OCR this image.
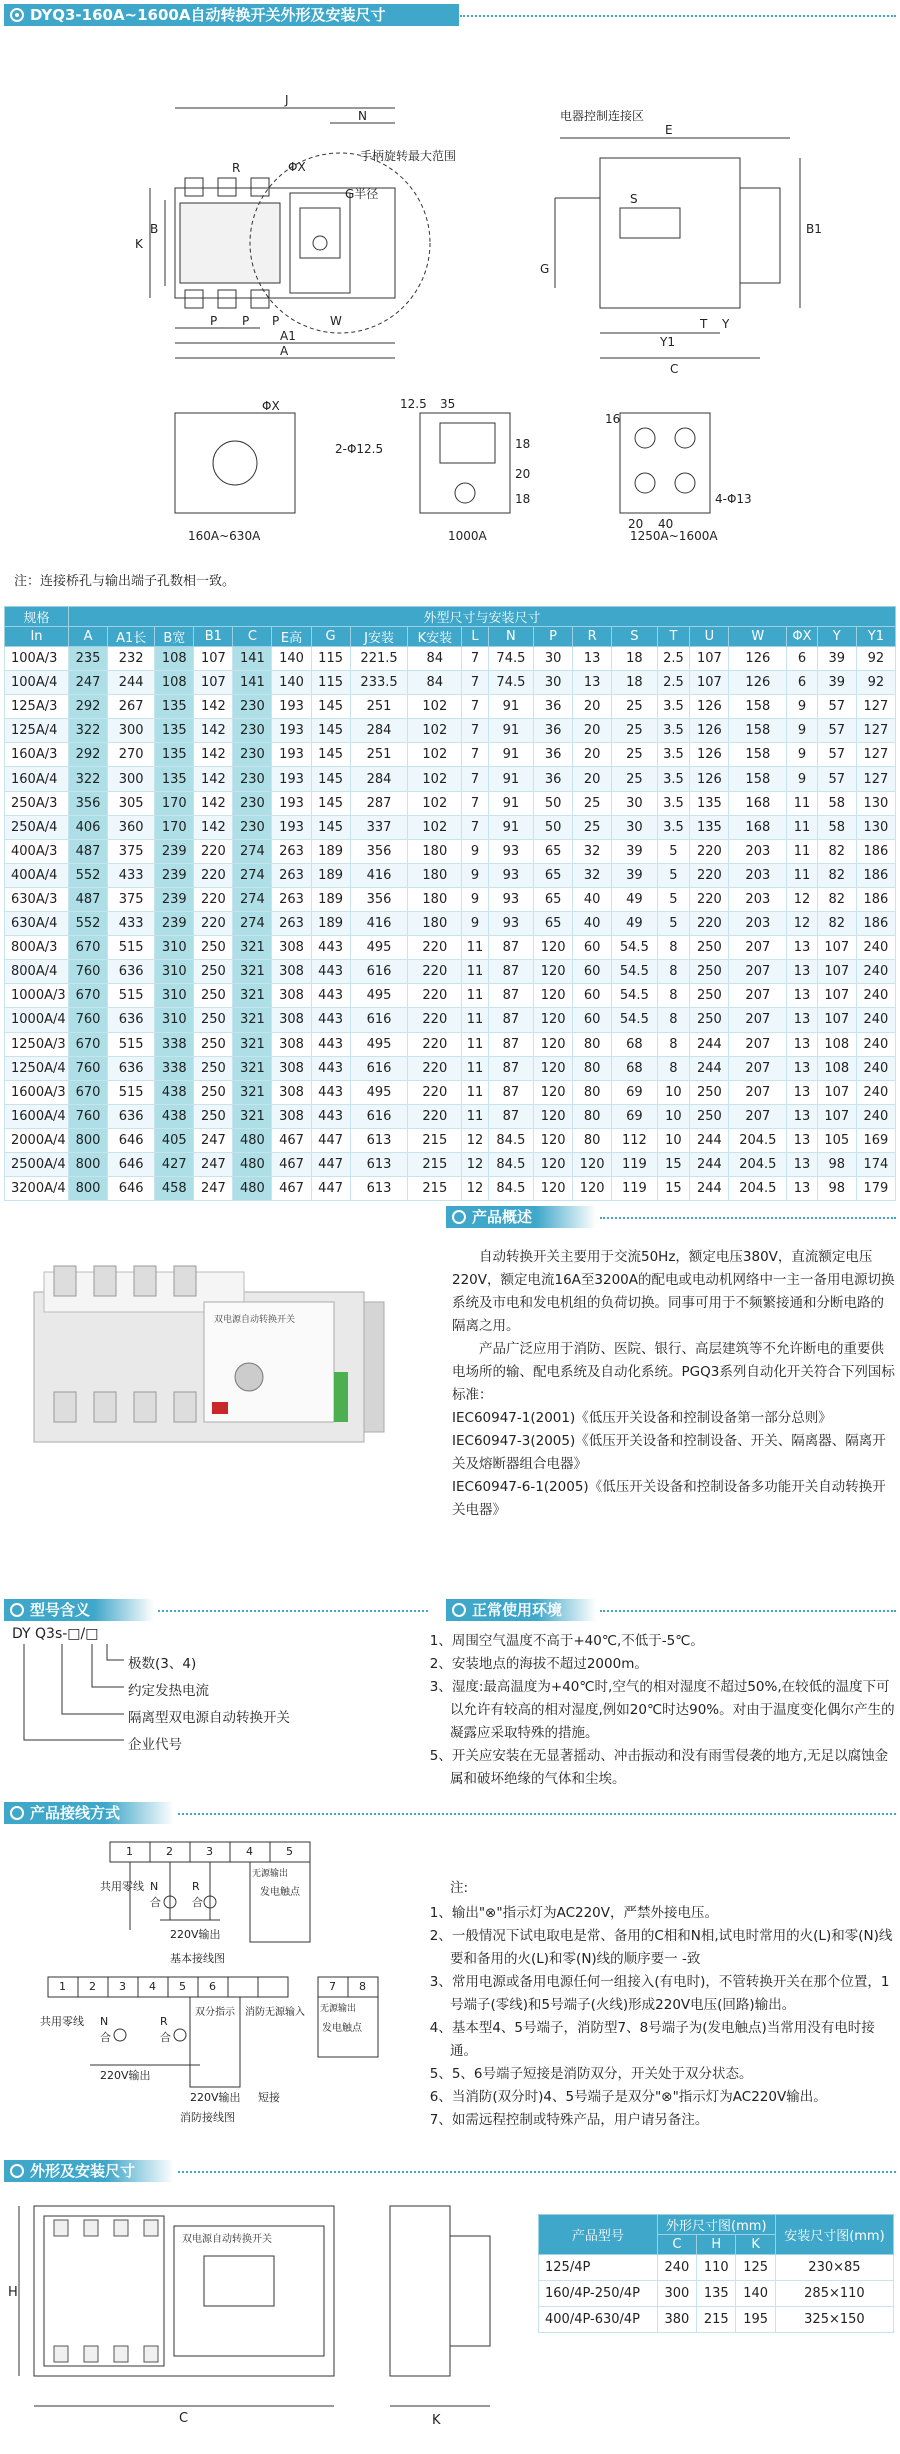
DYQ3-160A~1600A自动转换开关外形及安装尺寸
J
N
手柄旋转最大范围
R	ΦX
K
B
G半径
P P P	W
A1
A
电器控制连接区
E
S
B1
G
T Y
Y1
C
ΦX	12.5 35
18
20
18
2-Φ12.5
16
20 40
4-Φ13
160A~630A	1000A	1250A~1600A
注：连接桥孔与输出端子孔数相一致。
规格	外型尺寸与安装尺寸																			
In	A	A1长	B宽	B1	C	E高	G	J安装	K安装	L	N	P	R	S	T	U	W	ΦX	Y	Y1
100A/3	235	232	108	107	141	140	115	221.5	84	7	74.5	30	13	18	2.5	107	126	6	39	92
100A/4	247	244	108	107	141	140	115	233.5	84	7	74.5	30	13	18	2.5	107	126	6	39	92
125A/3	292	267	135	142	230	193	145	251	102	7	91	36	20	25	3.5	126	158	9	57	127
125A/4	322	300	135	142	230	193	145	284	102	7	91	36	20	25	3.5	126	158	9	57	127
160A/3	292	270	135	142	230	193	145	251	102	7	91	36	20	25	3.5	126	158	9	57	127
160A/4	322	300	135	142	230	193	145	284	102	7	91	36	20	25	3.5	126	158	9	57	127
250A/3	356	305	170	142	230	193	145	287	102	7	91	50	25	30	3.5	135	168	11	58	130
250A/4	406	360	170	142	230	193	145	337	102	7	91	50	25	30	3.5	135	168	11	58	130
400A/3	487	375	239	220	274	263	189	356	180	9	93	65	32	39	5	220	203	11	82	186
400A/4	552	433	239	220	274	263	189	416	180	9	93	65	32	39	5	220	203	11	82	186
630A/3	487	375	239	220	274	263	189	356	180	9	93	65	40	49	5	220	203	12	82	186
630A/4	552	433	239	220	274	263	189	416	180	9	93	65	40	49	5	220	203	12	82	186
800A/3	670	515	310	250	321	308	443	495	220	11	87	120	60	54.5	8	250	207	13	107	240
800A/4	760	636	310	250	321	308	443	616	220	11	87	120	60	54.5	8	250	207	13	107	240
1000A/3	670	515	310	250	321	308	443	495	220	11	87	120	60	54.5	8	250	207	13	107	240
1000A/4	760	636	310	250	321	308	443	616	220	11	87	120	60	54.5	8	250	207	13	107	240
1250A/3	670	515	338	250	321	308	443	495	220	11	87	120	80	68	8	244	207	13	108	240
1250A/4	760	636	338	250	321	308	443	616	220	11	87	120	80	68	8	244	207	13	108	240
1600A/3	670	515	438	250	321	308	443	495	220	11	87	120	80	69	10	250	207	13	107	240
1600A/4	760	636	438	250	321	308	443	616	220	11	87	120	80	69	10	250	207	13	107	240
2000A/4	800	646	405	247	480	467	447	613	215	12	84.5	120	80	112	10	244	204.5	13	105	169
2500A/4	800	646	427	247	480	467	447	613	215	12	84.5	120	120	119	15	244	204.5	13	98	174
3200A/4	800	646	458	247	480	467	447	613	215	12	84.5	120	120	119	15	244	204.5	13	98	179
产品概述
双电源自动转换开关
自动转换开关主要用于交流50Hz，额定电压380V，直流额定电压220V，额定电流16A至3200A的配电或电动机网络中一主一备用电源切换系统及市电和发电机组的负荷切换。同事可用于不频繁接通和分断电路的隔离之用。
产品广泛应用于消防、医院、银行、高层建筑等不允许断电的重要供电场所的输、配电系统及自动化系统。PGQ3系列自动化开关符合下列国标标准：
IEC60947-1(2001)《低压开关设备和控制设备第一部分总则》
IEC60947-3(2005)《低压开关设备和控制设备、开关、隔离器、隔离开关及熔断器组合电器》
IEC60947-6-1(2005)《低压开关设备和控制设备多功能开关自动转换开关电器》
型号含义
DY Q3s-□/□
极数(3、4)
约定发热电流
隔离型双电源自动转换开关
企业代号
正常使用环境
1、周围空气温度不高于+40℃,不低于-5℃。
2、安装地点的海拔不超过2000m。
3、湿度:最高温度为+40℃时,空气的相对湿度不超过50%,在较低的温度下可以允许有较高的相对湿度,例如20℃时达90%。对由于温度变化偶尔产生的凝露应采取特殊的措施。
5、开关应安装在无显著摇动、冲击振动和没有雨雪侵袭的地方,无足以腐蚀金属和破坏绝缘的气体和尘埃。
产品接线方式
1	2	3	4	5
共用零线 N
合
R
合
220V输出
无源输出
发电触点
基本接线图
1 2 3 4 5 6	7 8
共用零线 N
合
R
合
220V输出
双分指示
220V输出
消防无源输入
短接
无源输出
发电触点
消防接线图
注:
1、输出"⊗"指示灯为AC220V，严禁外接电压。
2、一般情况下试电取电是常、备用的C相和N相,试电时常用的火(L)和零(N)线要和备用的火(L)和零(N)线的顺序要一 -致
3、常用电源或备用电源任何一组接入(有电时)，不管转换开关在那个位置，1号端子(零线)和5号端子(火线)形成220V电压(回路)输出。
4、基本型4、5号端子，消防型7、8号端子为(发电触点)当常用没有电时接通。
5、5、6号端子短接是消防双分，开关处于双分状态。
6、当消防(双分时)4、5号端子是双分"⊗"指示灯为AC220V输出。
7、如需远程控制或特殊产品，用户请另备注。
外形及安装尺寸
双电源自动转换开关
H
C	K
产品型号	外形尺寸图(mm)			安装尺寸图(mm)
	C	H	K	
125/4P	240	110	125	230×85
160/4P-250/4P	300	135	140	285×110
400/4P-630/4P	380	215	195	325×150
